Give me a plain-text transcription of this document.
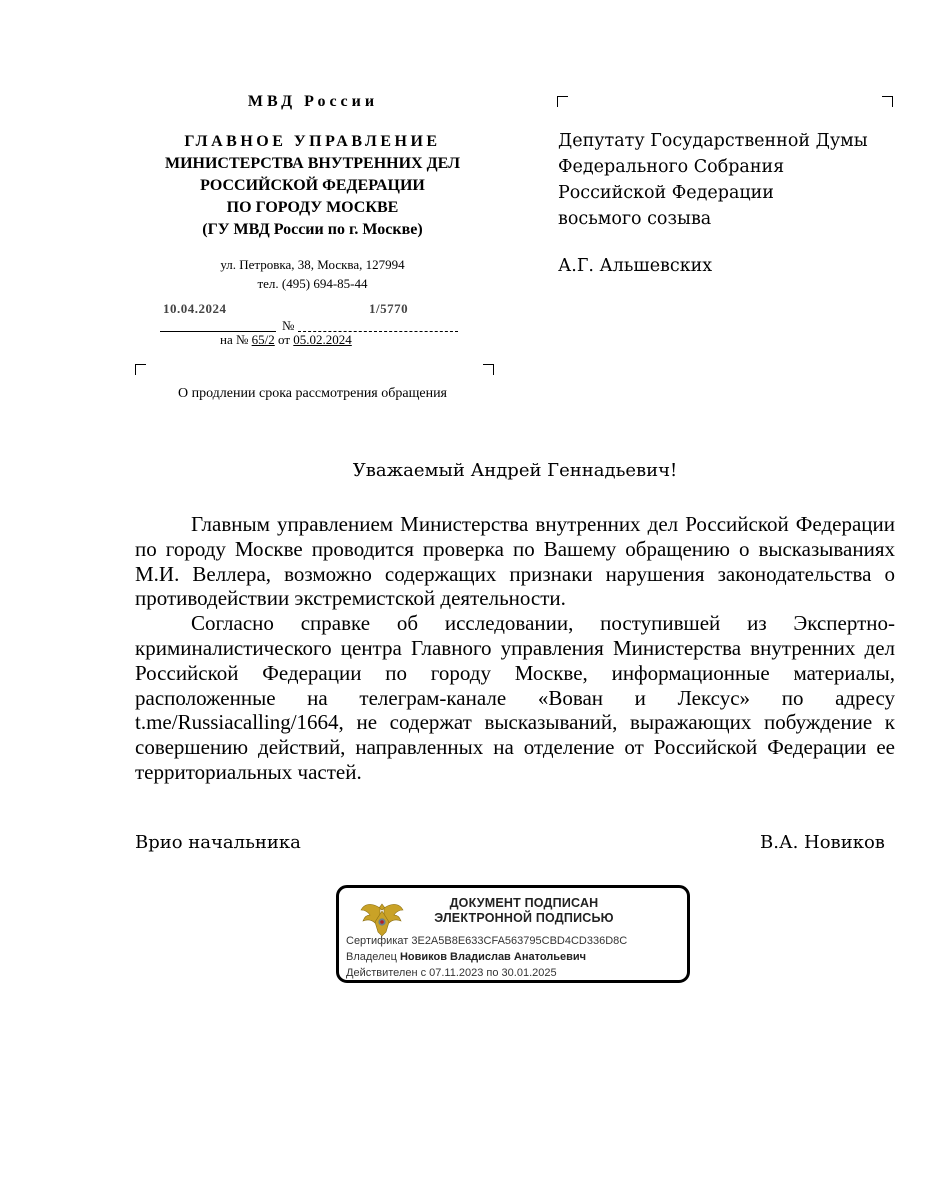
МВД России
ГЛАВНОЕ УПРАВЛЕНИЕ
МИНИСТЕРСТВА ВНУТРЕННИХ ДЕЛ
РОССИЙСКОЙ ФЕДЕРАЦИИ
ПО ГОРОДУ МОСКВЕ
(ГУ МВД России по г. Москве)
ул. Петровка, 38, Москва, 127994
тел. (495) 694-85-44
10.04.2024	1/5770
№
на № 65/2 от 05.02.2024
О продлении срока рассмотрения обращения
Депутату Государственной Думы
Федерального Собрания
Российской Федерации
восьмого созыва
А.Г. Альшевских
Уважаемый Андрей Геннадьевич!

Главным управлением Министерства внутренних дел Российской Федерации по городу Москве проводится проверка по Вашему обращению о высказываниях М.И. Веллера, возможно содержащих признаки нарушения законодательства о противодействии экстремистской деятельности.

Согласно справке об исследовании, поступившей из Экспертно-криминалистического центра Главного управления Министерства внутренних дел Российской Федерации по городу Москве, информационные материалы, расположенные на телеграм-канале «Вован и Лексус» по адресу t.me/Russiacalling/1664, не содержат высказываний, выражающих побуждение к совершению действий, направленных на отделение от Российской Федерации ее территориальных частей.

Врио начальника	В.А. Новиков
ДОКУМЕНТ ПОДПИСАН
ЭЛЕКТРОННОЙ ПОДПИСЬЮ
Сертификат 3E2A5B8E633CFA563795CBD4CD336D8C
Владелец Новиков Владислав Анатольевич
Действителен с 07.11.2023 по 30.01.2025
